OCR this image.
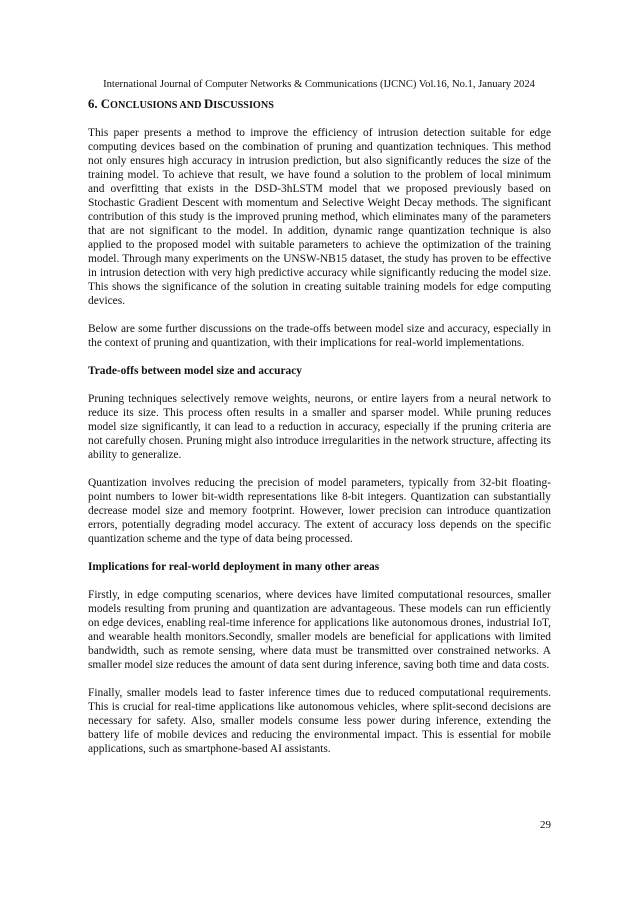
International Journal of Computer Networks & Communications (IJCNC) Vol.16, No.1, January 2024
6. CONCLUSIONS AND DISCUSSIONS

This paper presents a method to improve the efficiency of intrusion detection suitable for edge computing devices based on the combination of pruning and quantization techniques. This method not only ensures high accuracy in intrusion prediction, but also significantly reduces the size of the training model. To achieve that result, we have found a solution to the problem of local minimum and overfitting that exists in the DSD-3hLSTM model that we proposed previously based on Stochastic Gradient Descent with momentum and Selective Weight Decay methods. The significant contribution of this study is the improved pruning method, which eliminates many of the parameters that are not significant to the model. In addition, dynamic range quantization technique is also applied to the proposed model with suitable parameters to achieve the optimization of the training model. Through many experiments on the UNSW-NB15 dataset, the study has proven to be effective in intrusion detection with very high predictive accuracy while significantly reducing the model size. This shows the significance of the solution in creating suitable training models for edge computing devices.

Below are some further discussions on the trade-offs between model size and accuracy, especially in the context of pruning and quantization, with their implications for real-world implementations.

Trade-offs between model size and accuracy

Pruning techniques selectively remove weights, neurons, or entire layers from a neural network to reduce its size. This process often results in a smaller and sparser model. While pruning reduces model size significantly, it can lead to a reduction in accuracy, especially if the pruning criteria are not carefully chosen. Pruning might also introduce irregularities in the network structure, affecting its ability to generalize.

Quantization involves reducing the precision of model parameters, typically from 32-bit floating-point numbers to lower bit-width representations like 8-bit integers. Quantization can substantially decrease model size and memory footprint. However, lower precision can introduce quantization errors, potentially degrading model accuracy. The extent of accuracy loss depends on the specific quantization scheme and the type of data being processed.

Implications for real-world deployment in many other areas

Firstly, in edge computing scenarios, where devices have limited computational resources, smaller models resulting from pruning and quantization are advantageous. These models can run efficiently on edge devices, enabling real-time inference for applications like autonomous drones, industrial IoT, and wearable health monitors.Secondly, smaller models are beneficial for applications with limited bandwidth, such as remote sensing, where data must be transmitted over constrained networks. A smaller model size reduces the amount of data sent during inference, saving both time and data costs.

Finally, smaller models lead to faster inference times due to reduced computational requirements. This is crucial for real-time applications like autonomous vehicles, where split-second decisions are necessary for safety. Also, smaller models consume less power during inference, extending the battery life of mobile devices and reducing the environmental impact. This is essential for mobile applications, such as smartphone-based AI assistants.

29
